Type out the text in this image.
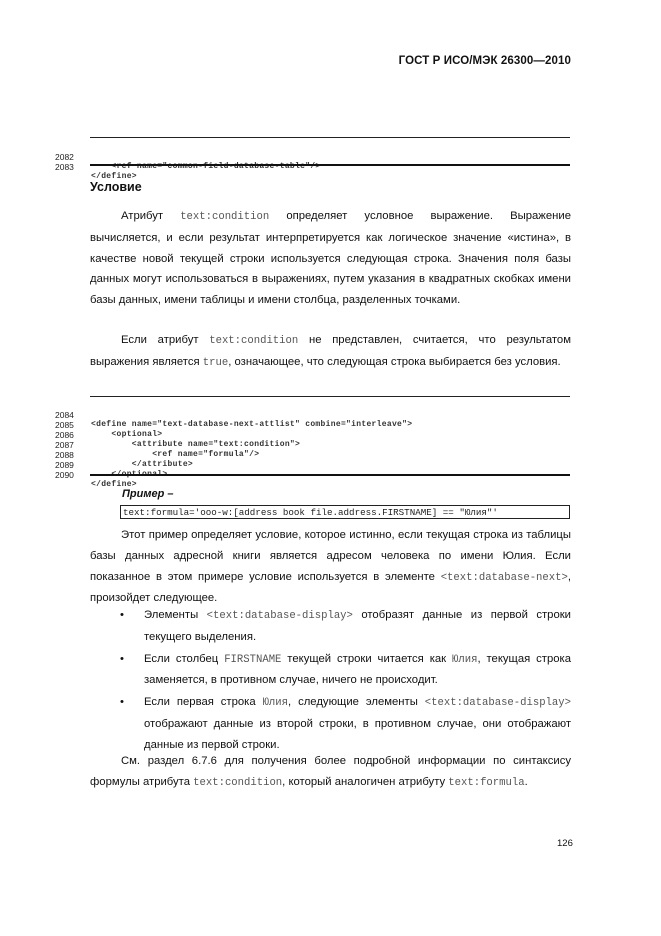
ГОСТ Р ИСО/МЭК 26300—2010

2082

<ref name="common-field-database-table"/>

2083

</define>

Условие
Атрибут text:condition определяет условное выражение. Выражение вычисляется, и если результат интерпретируется как логическое значение «истина», в качестве новой текущей строки используется следующая строка. Значения поля базы данных могут использоваться в выражениях, путем указания в квадратных скобках имени базы данных, имени таблицы и имени столбца, разделенных точками.
Если атрибут text:condition не представлен, считается, что результатом выражения является true, означающее, что следующая строка выбирается без условия.

2084

<define name="text-database-next-attlist" combine="interleave">

2085

<optional>

2086

<attribute name="text:condition">

2087

<ref name="formula"/>

2088

</attribute>

2089

</optional>

2090

</define>

Пример –
text:formula='ooo-w:[address book file.address.FIRSTNAME] == "Юлия"'
Этот пример определяет условие, которое истинно, если текущая строка из таблицы базы данных адресной книги является адресом человека по имени Юлия. Если показанное в этом примере условие используется в элементе <text:database-next>, произойдет следующее.
• Элементы <text:database-display> отобразят данные из первой строки текущего выделения.
• Если столбец FIRSTNAME текущей строки читается как Юлия, текущая строка заменяется, в противном случае, ничего не происходит.
• Если первая строка Юлия, следующие элементы <text:database-display> отображают данные из второй строки, в противном случае, они отображают данные из первой строки.
См. раздел 6.7.6 для получения более подробной информации по синтаксису формулы атрибута text:condition, который аналогичен атрибуту text:formula.
126
